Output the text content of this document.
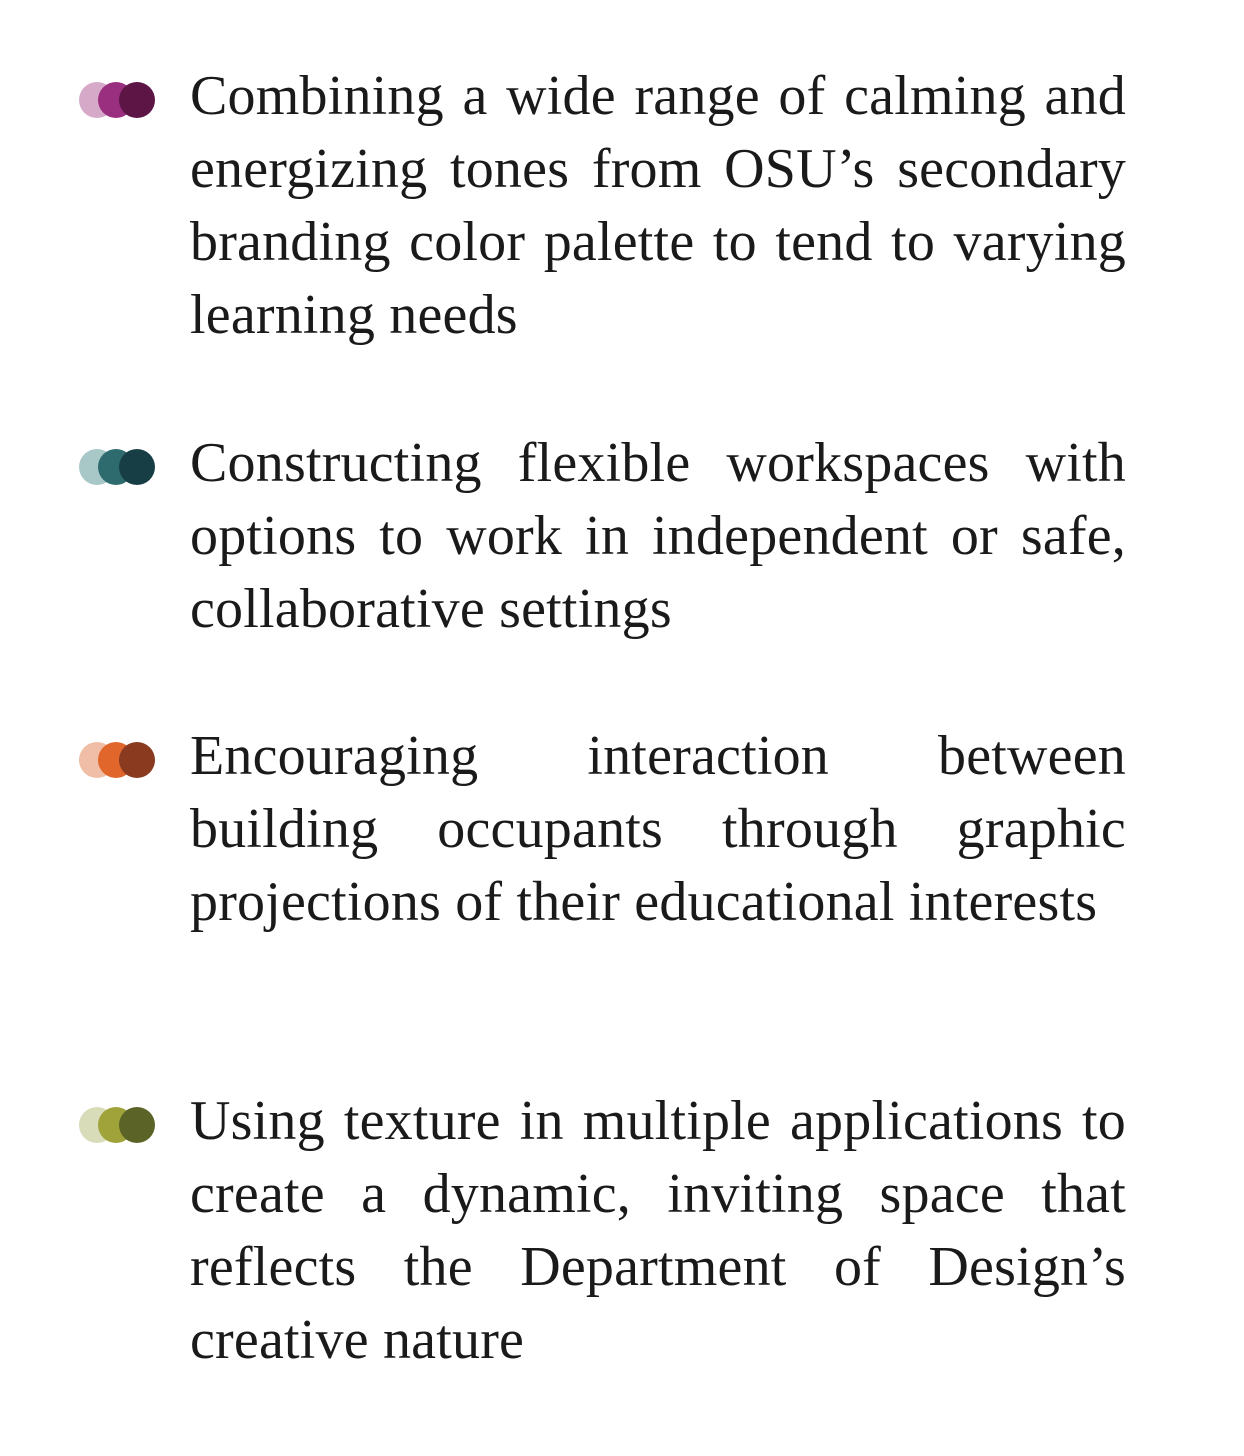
Combining a wide range of calming and energizing tones from OSU’s secondary branding color palette to tend to varying learning needs

Constructing flexible workspaces with options to work in independent or safe, collaborative settings

Encouraging interaction between building occupants through graphic projections of their educational interests

Using texture in multiple applications to create a dynamic, inviting space that reflects the Department of Design’s creative nature
